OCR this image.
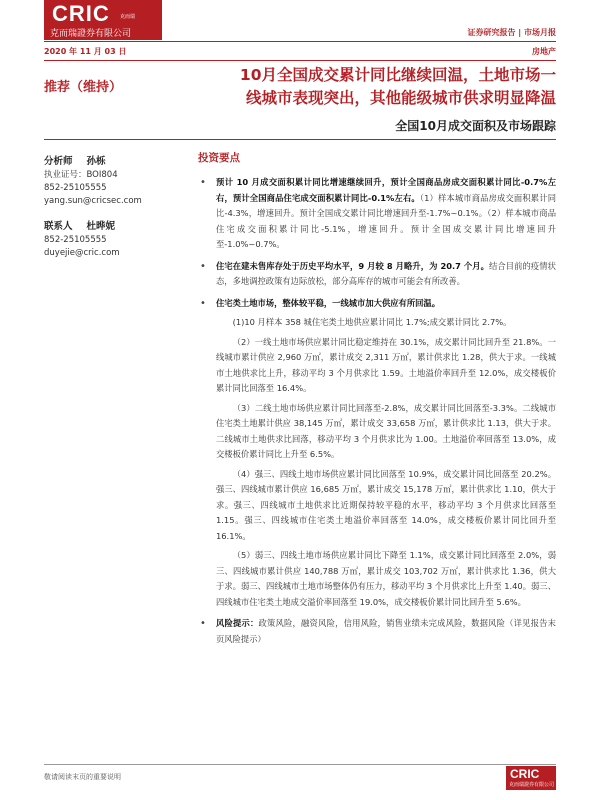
CRIC 克而瑞
克而瑞證券有限公司	证券研究报告 | 市场月报
2020 年 11 月 03 日	房地产
推荐（维持）
10月全国成交累计同比继续回温，土地市场一
线城市表现突出，其他能级城市供求明显降温
全国10月成交面积及市场跟踪
分析师 孙栎
执业证号：BOI804
852-25105555
yang.sun@cricsec.com
联系人 杜晔妮
852-25105555
duyejie@cric.com
投资要点
• 预计 10 月成交面积累计同比增速继续回升，预计全国商品房成交面积累计同比-0.7%左右，预计全国商品住宅成交面积累计同比-0.1%左右。（1）样本城市商品房成交面积累计同比-4.3%，增速回升。预计全国成交累计同比增速回升至-1.7%~0.1%。（2）样本城市商品住宅成交面积累计同比-5.1%，增速回升。预计全国成交累计同比增速回升至-1.0%~0.7%。
• 住宅在建未售库存处于历史平均水平，9 月较 8 月略升，为 20.7 个月。结合目前的疫情状态，多地调控政策有边际放松，部分高库存的城市可能会有所改善。
• 住宅类土地市场，整体较平稳，一线城市加大供应有所回温。
(1)10 月样本 358 城住宅类土地供应累计同比 1.7%;成交累计同比 2.7%。
（2）一线土地市场供应累计同比稳定维持在 30.1%，成交累计同比回升至 21.8%。一线城市累计供应 2,960 万㎡，累计成交 2,311 万㎡，累计供求比 1.28，供大于求。一线城市土地供求比上升，移动平均 3 个月供求比 1.59。土地溢价率回升至 12.0%，成交楼板价累计同比回落至 16.4%。
（3）二线土地市场供应累计同比回落至-2.8%，成交累计同比回落至-3.3%。二线城市住宅类土地累计供应 38,145 万㎡，累计成交 33,658 万㎡，累计供求比 1.13，供大于求。二线城市土地供求比回落，移动平均 3 个月供求比为 1.00。土地溢价率回落至 13.0%，成交楼板价累计同比上升至 6.5%。
（4）强三、四线土地市场供应累计同比回落至 10.9%，成交累计同比回落至 20.2%。强三、四线城市累计供应 16,685 万㎡，累计成交 15,178 万㎡，累计供求比 1.10，供大于求。强三、四线城市土地供求比近期保持较平稳的水平，移动平均 3 个月供求比回落至 1.15。强三、四线城市住宅类土地溢价率回落至 14.0%，成交楼板价累计同比回升至 16.1%。
（5）弱三、四线土地市场供应累计同比下降至 1.1%，成交累计同比回落至 2.0%，弱三、四线城市累计供应 140,788 万㎡，累计成交 103,702 万㎡，累计供求比 1.36，供大于求。弱三、四线城市土地市场整体仍有压力，移动平均 3 个月供求比上升至 1.40。弱三、四线城市住宅类土地成交溢价率回落至 19.0%，成交楼板价累计同比回升至 5.6%。
• 风险提示：政策风险，融资风险，信用风险，销售业绩未完成风险，数据风险（详见报告末页风险提示）
敬请阅读末页的重要说明	CRIC
克而瑞證券有限公司
